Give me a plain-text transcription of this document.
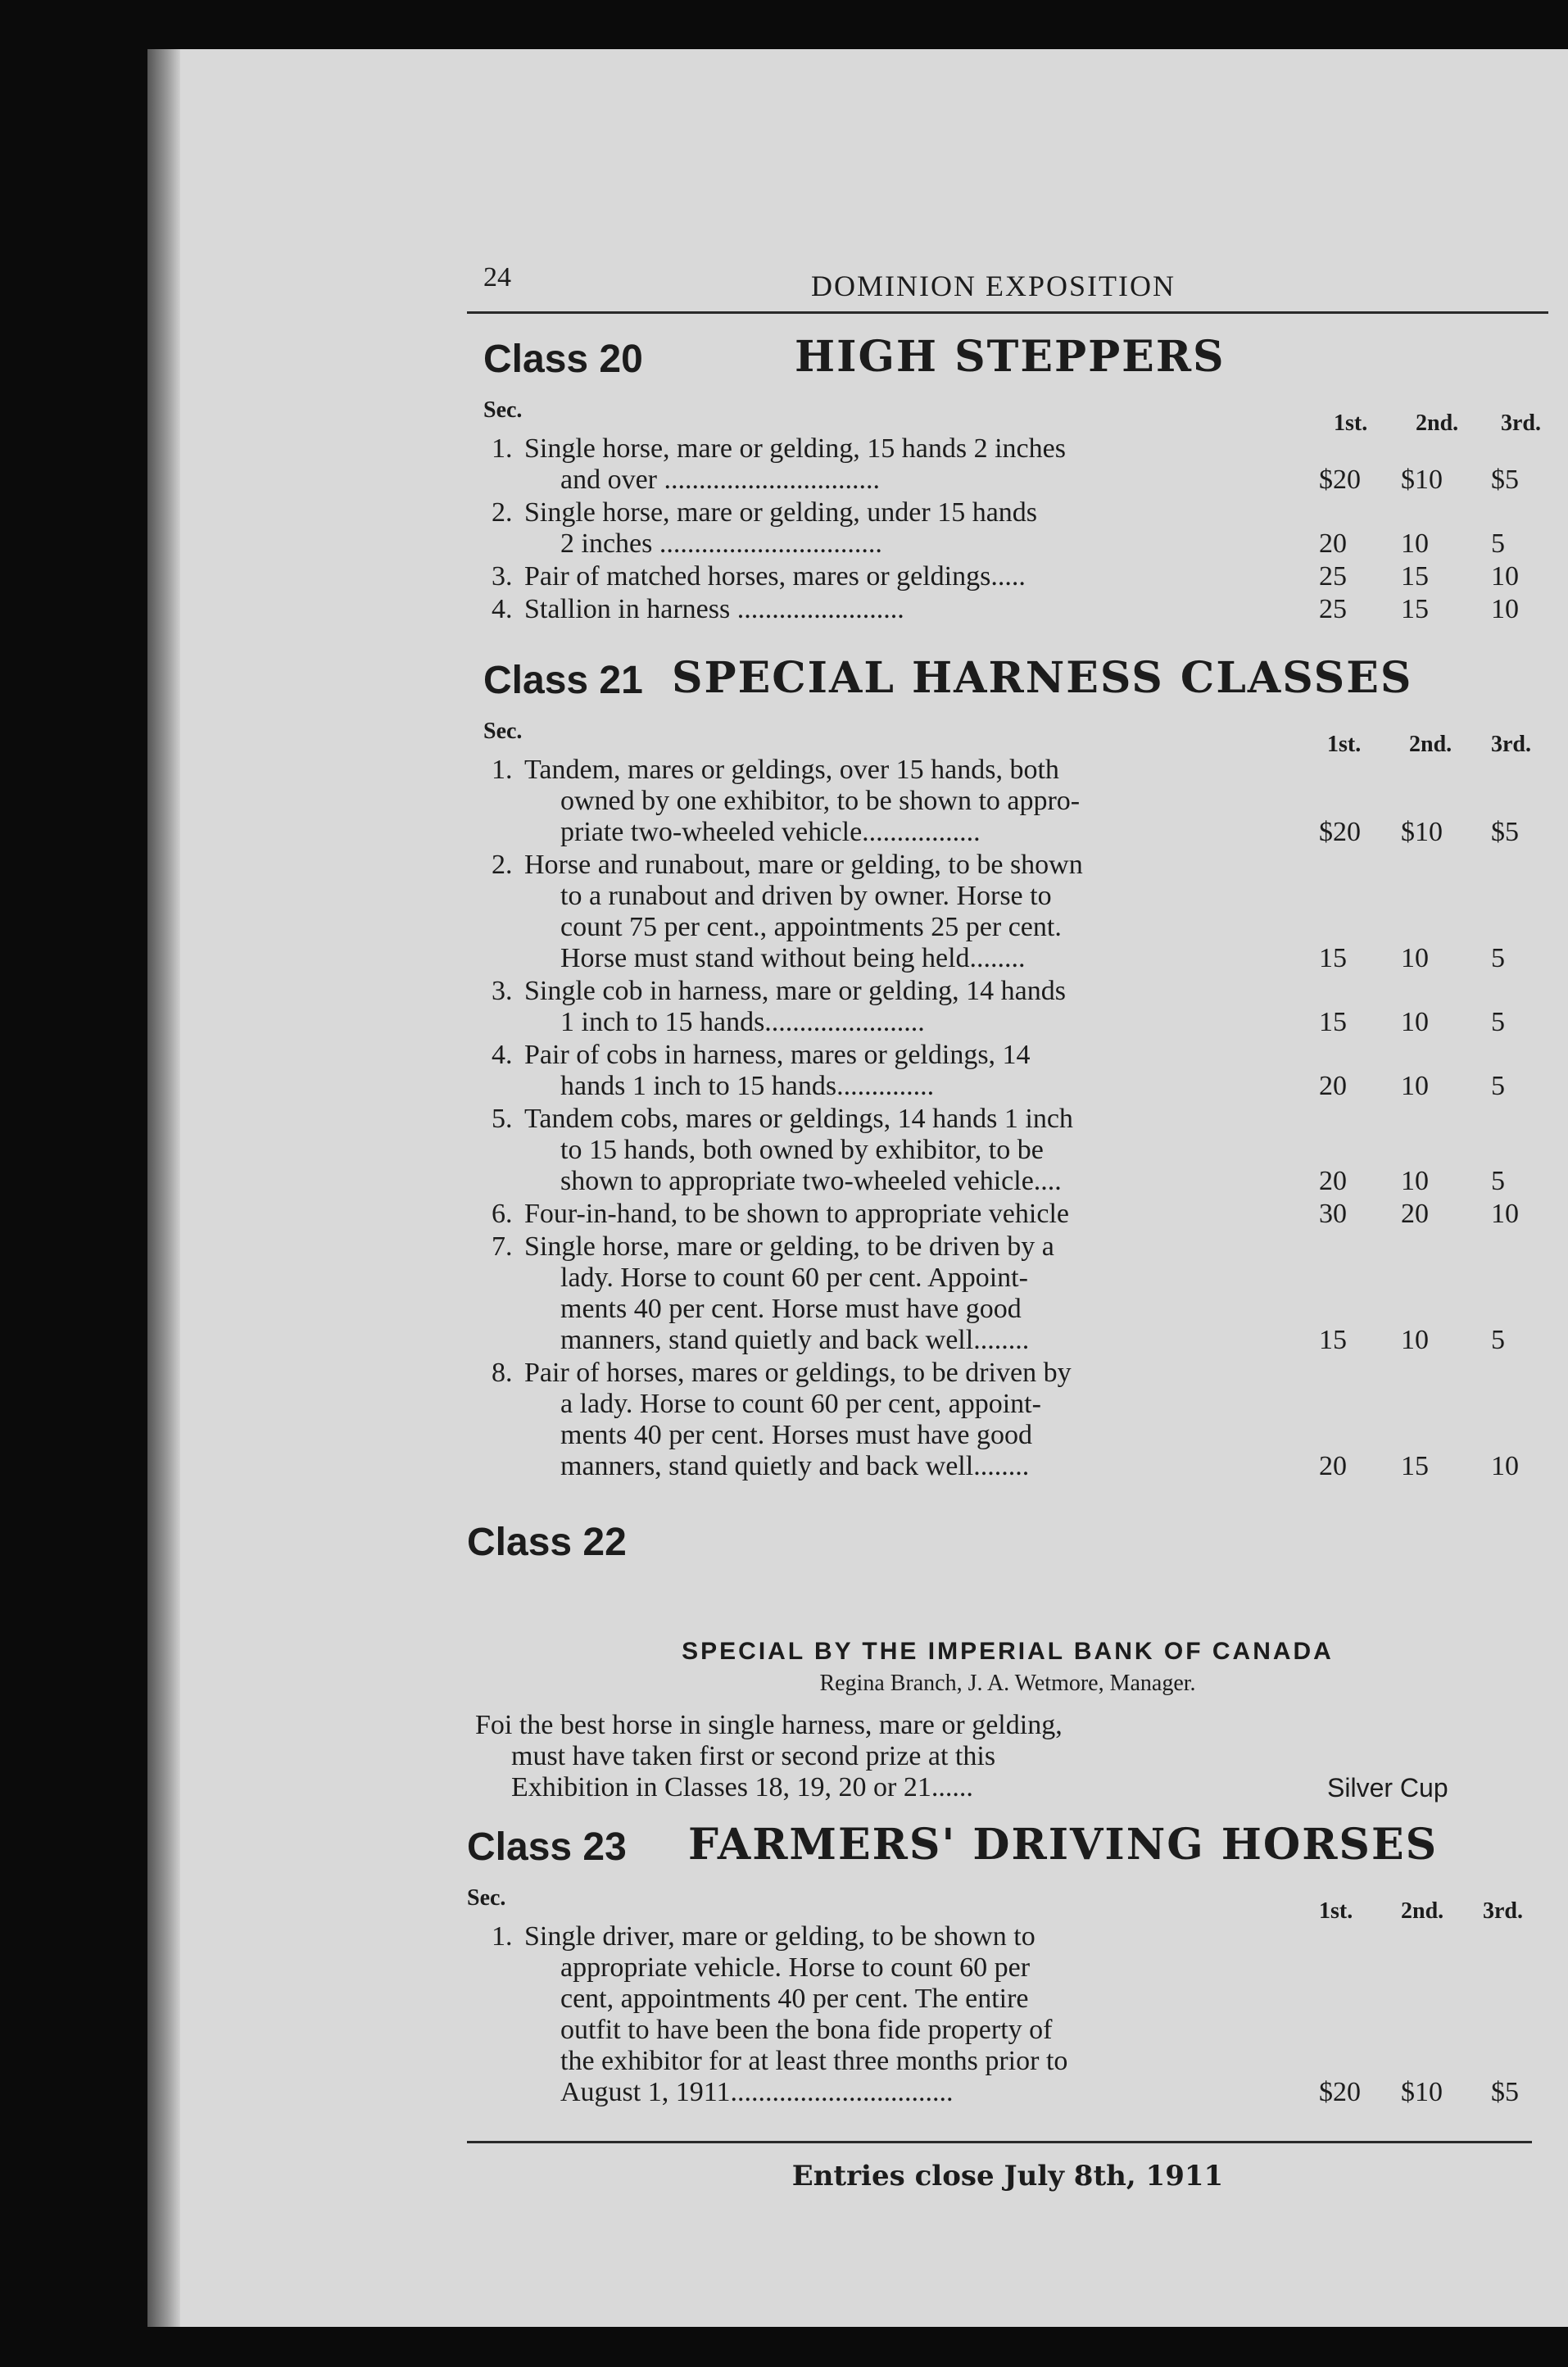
24	DOMINION EXPOSITION
Class 20	HIGH STEPPERS
Sec.
1st. 2nd. 3rd.
1. Single horse, mare or gelding, 15 hands 2 inches
and over ...............................	$20 $10 $5
2. Single horse, mare or gelding, under 15 hands
2 inches ................................	20 10 5
3. Pair of matched horses, mares or geldings.....	25 15 10
4. Stallion in harness ........................	25 15 10
Class 21 SPECIAL HARNESS CLASSES
Sec.
1st. 2nd. 3rd.
1. Tandem, mares or geldings, over 15 hands, both
owned by one exhibitor, to be shown to appro-
priate two-wheeled vehicle.................	$20 $10 $5
2. Horse and runabout, mare or gelding, to be shown
to a runabout and driven by owner. Horse to
count 75 per cent., appointments 25 per cent.
Horse must stand without being held........	15 10 5
3. Single cob in harness, mare or gelding, 14 hands
1 inch to 15 hands.......................	15 10 5
4. Pair of cobs in harness, mares or geldings, 14
hands 1 inch to 15 hands..............	20 10 5
5. Tandem cobs, mares or geldings, 14 hands 1 inch
to 15 hands, both owned by exhibitor, to be
shown to appropriate two-wheeled vehicle....	20 10 5
6. Four-in-hand, to be shown to appropriate vehicle	30 20 10
7. Single horse, mare or gelding, to be driven by a
lady. Horse to count 60 per cent. Appoint-
ments 40 per cent. Horse must have good
manners, stand quietly and back well........	15 10 5
8. Pair of horses, mares or geldings, to be driven by
a lady. Horse to count 60 per cent, appoint-
ments 40 per cent. Horses must have good
manners, stand quietly and back well........	20 15 10
Class 22
SPECIAL BY THE IMPERIAL BANK OF CANADA
Regina Branch, J. A. Wetmore, Manager.
Foi the best horse in single harness, mare or gelding,
must have taken first or second prize at this
Exhibition in Classes 18, 19, 20 or 21......	Silver Cup
Class 23 FARMERS' DRIVING HORSES
Sec.
1st. 2nd. 3rd.
1. Single driver, mare or gelding, to be shown to
appropriate vehicle. Horse to count 60 per
cent, appointments 40 per cent. The entire
outfit to have been the bona fide property of
the exhibitor for at least three months prior to
August 1, 1911................................	$20 $10 $5
Entries close July 8th, 1911
